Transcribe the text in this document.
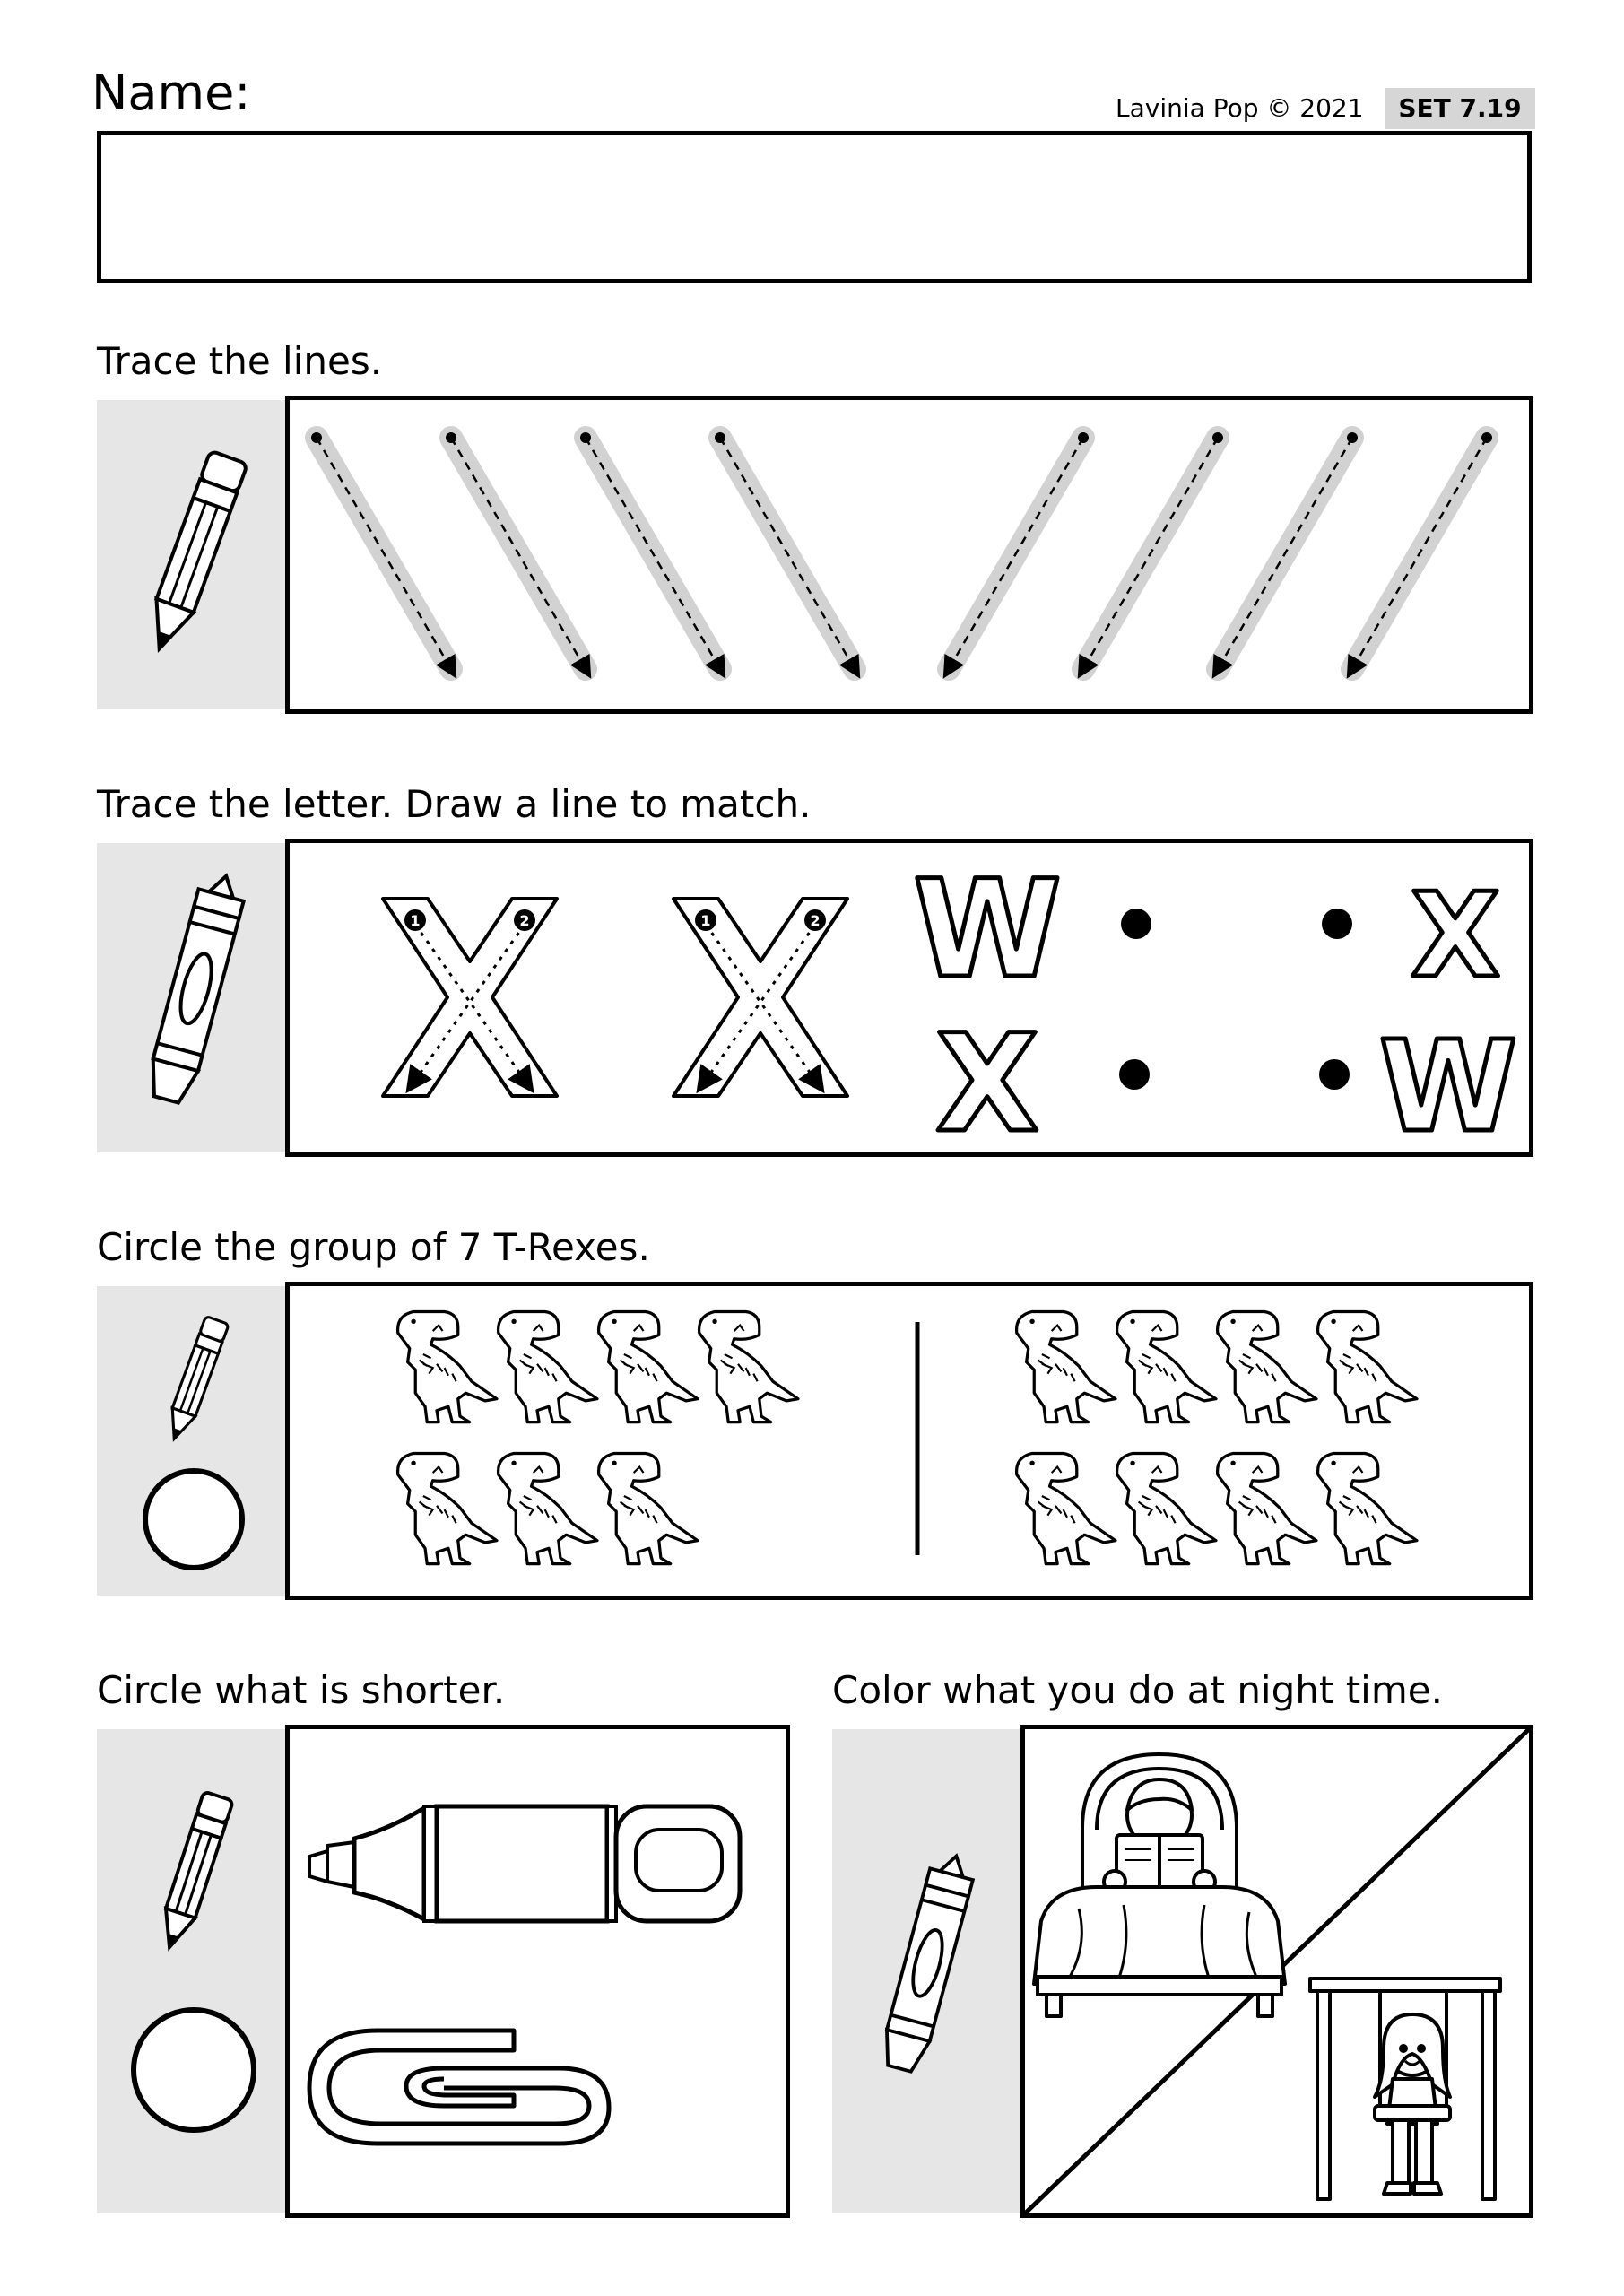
Name:	Lavinia Pop © 2021	SET 7.19
Trace the lines.
Trace the letter. Draw a line to match.
1	2	1	2 W
X
X
W
Circle the group of 7 T-Rexes.
Circle what is shorter.	Color what you do at night time.
